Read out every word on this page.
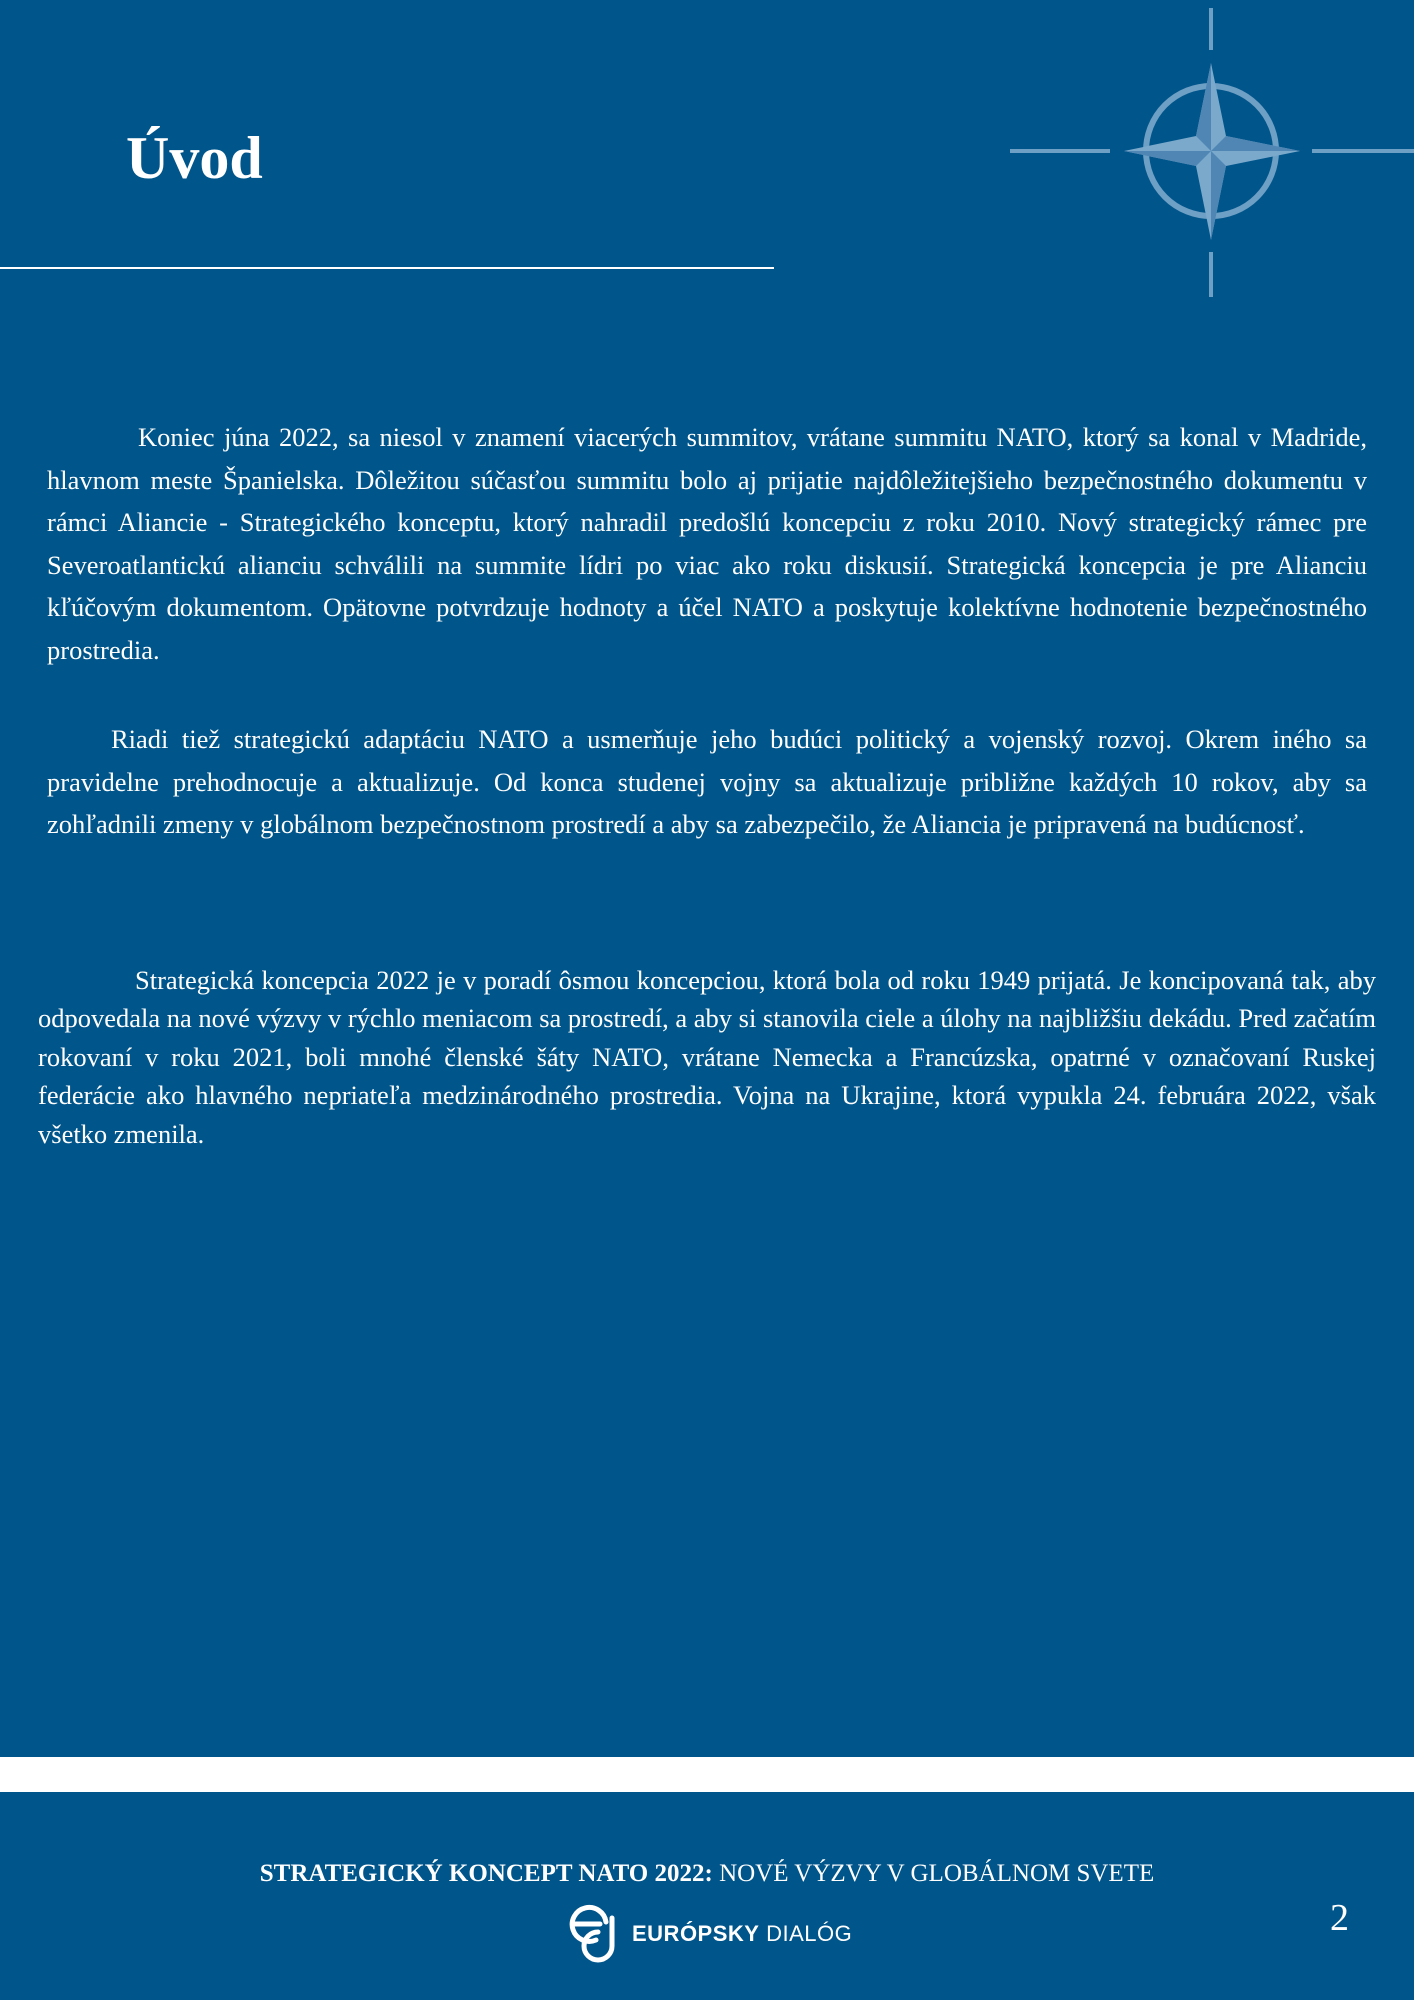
Úvod

Koniec júna 2022, sa niesol v znamení viacerých summitov, vrátane summitu NATO, ktorý sa konal v Madride, hlavnom meste Španielska. Dôležitou súčasťou summitu bolo aj prijatie najdôležitejšieho bezpečnostného dokumentu v rámci Aliancie - Strategického konceptu, ktorý nahradil predošlú koncepciu z roku 2010. Nový strategický rámec pre Severoatlantickú alianciu schválili na summite lídri po viac ako roku diskusií. Strategická koncepcia je pre Alianciu kľúčovým dokumentom. Opätovne potvrdzuje hodnoty a účel NATO a poskytuje kolektívne hodnotenie bezpečnostného prostredia.

Riadi tiež strategickú adaptáciu NATO a usmerňuje jeho budúci politický a vojenský rozvoj. Okrem iného sa pravidelne prehodnocuje a aktualizuje. Od konca studenej vojny sa aktualizuje približne každých 10 rokov, aby sa zohľadnili zmeny v globálnom bezpečnostnom prostredí a aby sa zabezpečilo, že Aliancia je pripravená na budúcnosť.

Strategická koncepcia 2022 je v poradí ôsmou koncepciou, ktorá bola od roku 1949 prijatá. Je koncipovaná tak, aby odpovedala na nové výzvy v rýchlo meniacom sa prostredí, a aby si stanovila ciele a úlohy na najbližšiu dekádu. Pred začatím rokovaní v roku 2021, boli mnohé členské šáty NATO, vrátane Nemecka a Francúzska, opatrné v označovaní Ruskej federácie ako hlavného nepriateľa medzinárodného prostredia. Vojna na Ukrajine, ktorá vypukla 24. februára 2022, však všetko zmenila.

STRATEGICKÝ KONCEPT NATO 2022: NOVÉ VÝZVY V GLOBÁLNOM SVETE
EURÓPSKY DIALÓG	2
